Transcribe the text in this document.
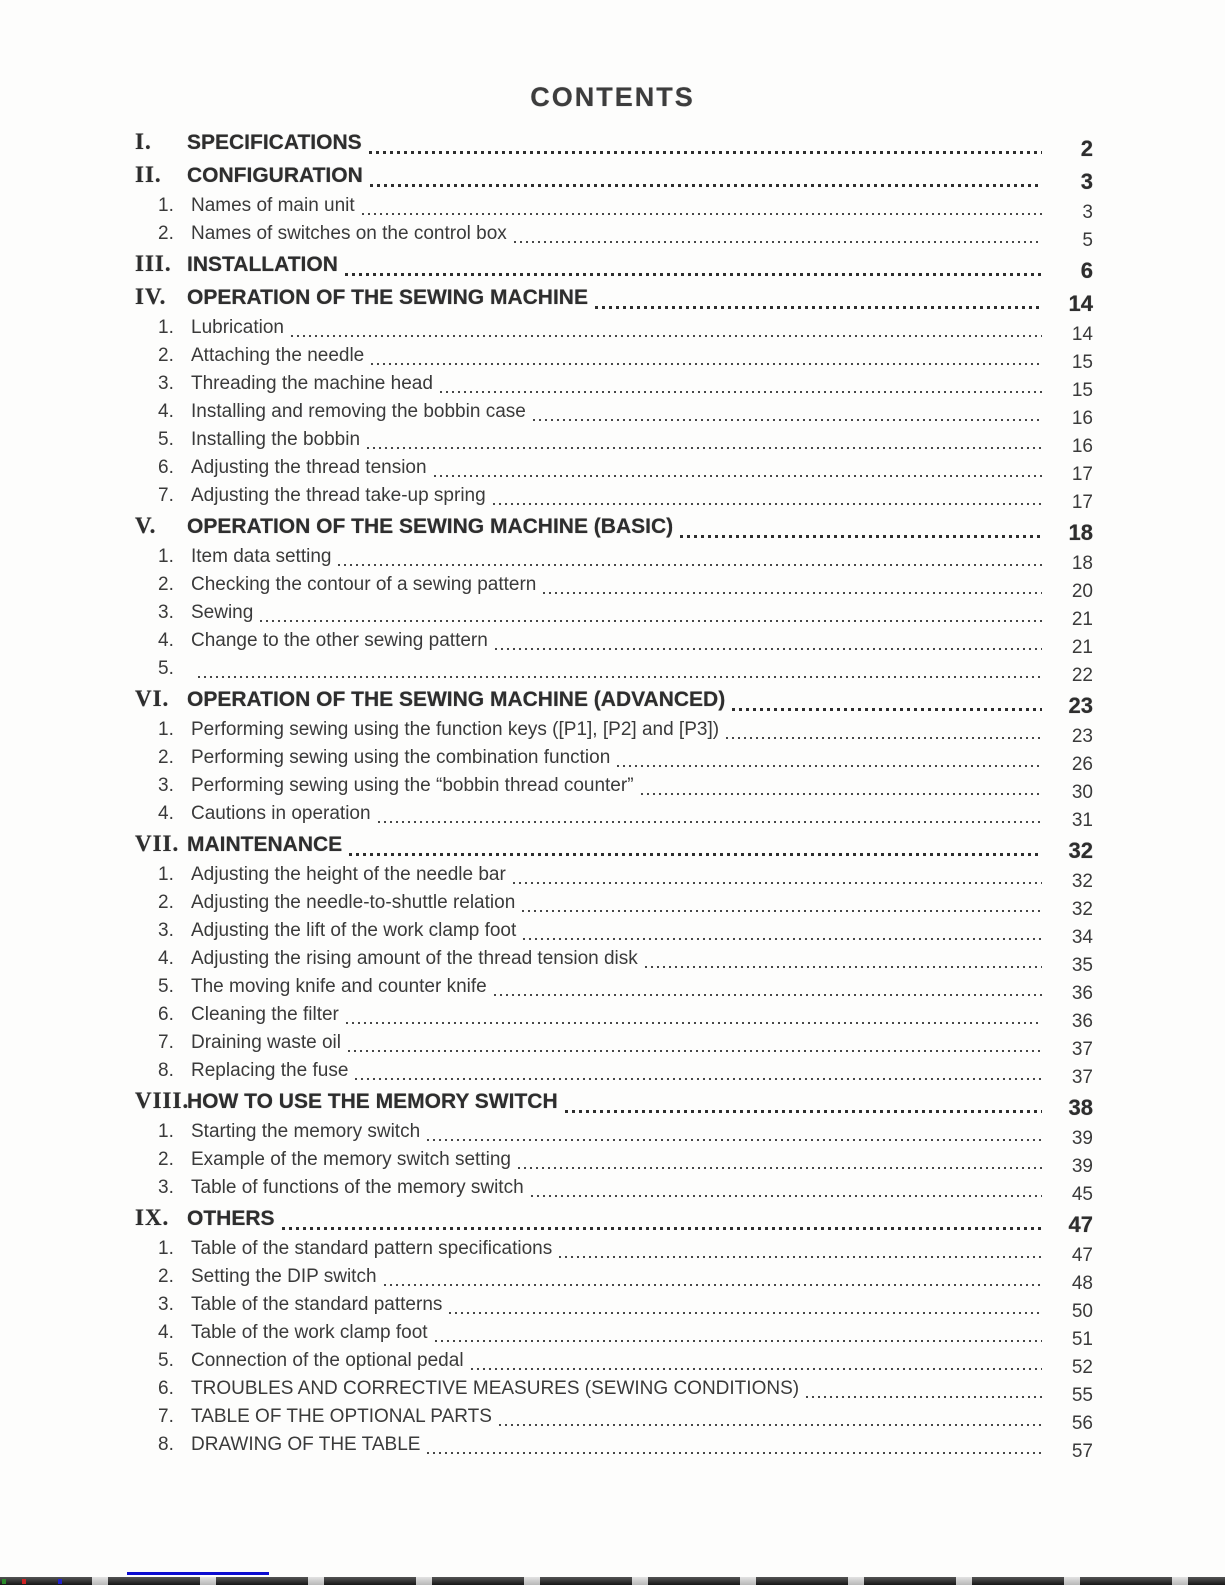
CONTENTS
I.	SPECIFICATIONS	2
II.	CONFIGURATION	3
1. Names of main unit	3
2. Names of switches on the control box	5
III. INSTALLATION	6
IV. OPERATION OF THE SEWING MACHINE	14
1. Lubrication	14
2. Attaching the needle	15
3. Threading the machine head	15
4. Installing and removing the bobbin case	16
5. Installing the bobbin	16
6. Adjusting the thread tension	17
7. Adjusting the thread take-up spring	17
V.	OPERATION OF THE SEWING MACHINE (BASIC)	18
1. Item data setting	18
2. Checking the contour of a sewing pattern	20
3. Sewing	21
4. Change to the other sewing pattern	21
5.	22
VI. OPERATION OF THE SEWING MACHINE (ADVANCED)	23
1. Performing sewing using the function keys ([P1], [P2] and [P3])	23
2. Performing sewing using the combination function	26
3. Performing sewing using the “bobbin thread counter”	30
4. Cautions in operation	31
VII. MAINTENANCE	32
1. Adjusting the height of the needle bar	32
2. Adjusting the needle-to-shuttle relation	32
3. Adjusting the lift of the work clamp foot	34
4. Adjusting the rising amount of the thread tension disk	35
5. The moving knife and counter knife	36
6. Cleaning the filter	36
7. Draining waste oil	37
8. Replacing the fuse	37
VIII.
HOW TO USE THE MEMORY SWITCH	38
1. Starting the memory switch	39
2. Example of the memory switch setting	39
3. Table of functions of the memory switch	45
IX. OTHERS	47
1. Table of the standard pattern specifications	47
2. Setting the DIP switch	48
3. Table of the standard patterns	50
4. Table of the work clamp foot	51
5. Connection of the optional pedal	52
6. TROUBLES AND CORRECTIVE MEASURES (SEWING CONDITIONS)	55
7. TABLE OF THE OPTIONAL PARTS	56
8. DRAWING OF THE TABLE	57
